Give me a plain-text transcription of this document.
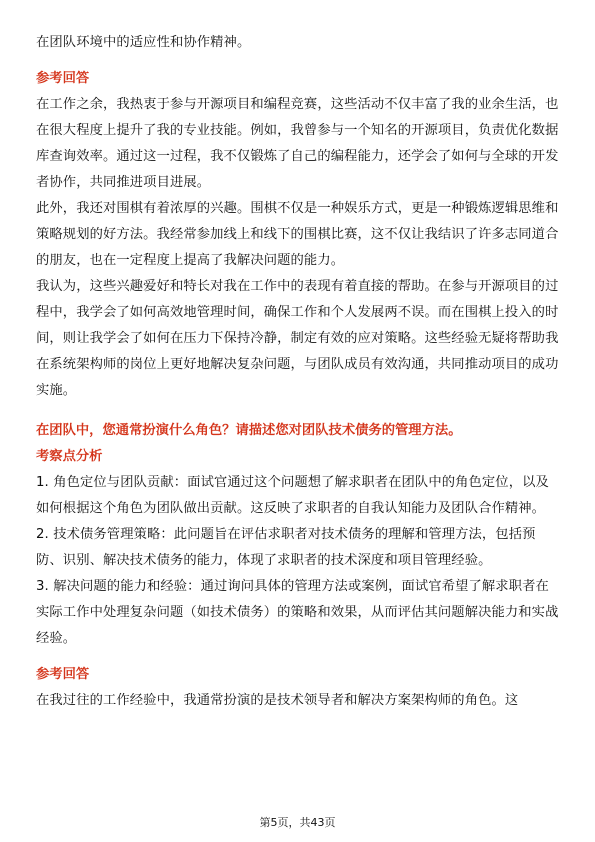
在团队环境中的适应性和协作精神。

参考回答

在工作之余，我热衷于参与开源项目和编程竞赛，这些活动不仅丰富了我的业余生活，也在很大程度上提升了我的专业技能。例如，我曾参与一个知名的开源项目，负责优化数据库查询效率。通过这一过程，我不仅锻炼了自己的编程能力，还学会了如何与全球的开发者协作，共同推进项目进展。

此外，我还对围棋有着浓厚的兴趣。围棋不仅是一种娱乐方式，更是一种锻炼逻辑思维和策略规划的好方法。我经常参加线上和线下的围棋比赛，这不仅让我结识了许多志同道合的朋友，也在一定程度上提高了我解决问题的能力。

我认为，这些兴趣爱好和特长对我在工作中的表现有着直接的帮助。在参与开源项目的过程中，我学会了如何高效地管理时间，确保工作和个人发展两不误。而在围棋上投入的时间，则让我学会了如何在压力下保持冷静，制定有效的应对策略。这些经验无疑将帮助我在系统架构师的岗位上更好地解决复杂问题，与团队成员有效沟通，共同推动项目的成功实施。

在团队中，您通常扮演什么角色？请描述您对团队技术债务的管理方法。
考察点分析

1. 角色定位与团队贡献：面试官通过这个问题想了解求职者在团队中的角色定位，以及如何根据这个角色为团队做出贡献。这反映了求职者的自我认知能力及团队合作精神。

2. 技术债务管理策略：此问题旨在评估求职者对技术债务的理解和管理方法，包括预防、识别、解决技术债务的能力，体现了求职者的技术深度和项目管理经验。

3. 解决问题的能力和经验：通过询问具体的管理方法或案例，面试官希望了解求职者在实际工作中处理复杂问题（如技术债务）的策略和效果，从而评估其问题解决能力和实战经验。

参考回答

在我过往的工作经验中，我通常扮演的是技术领导者和解决方案架构师的角色。这

第5页，共43页
